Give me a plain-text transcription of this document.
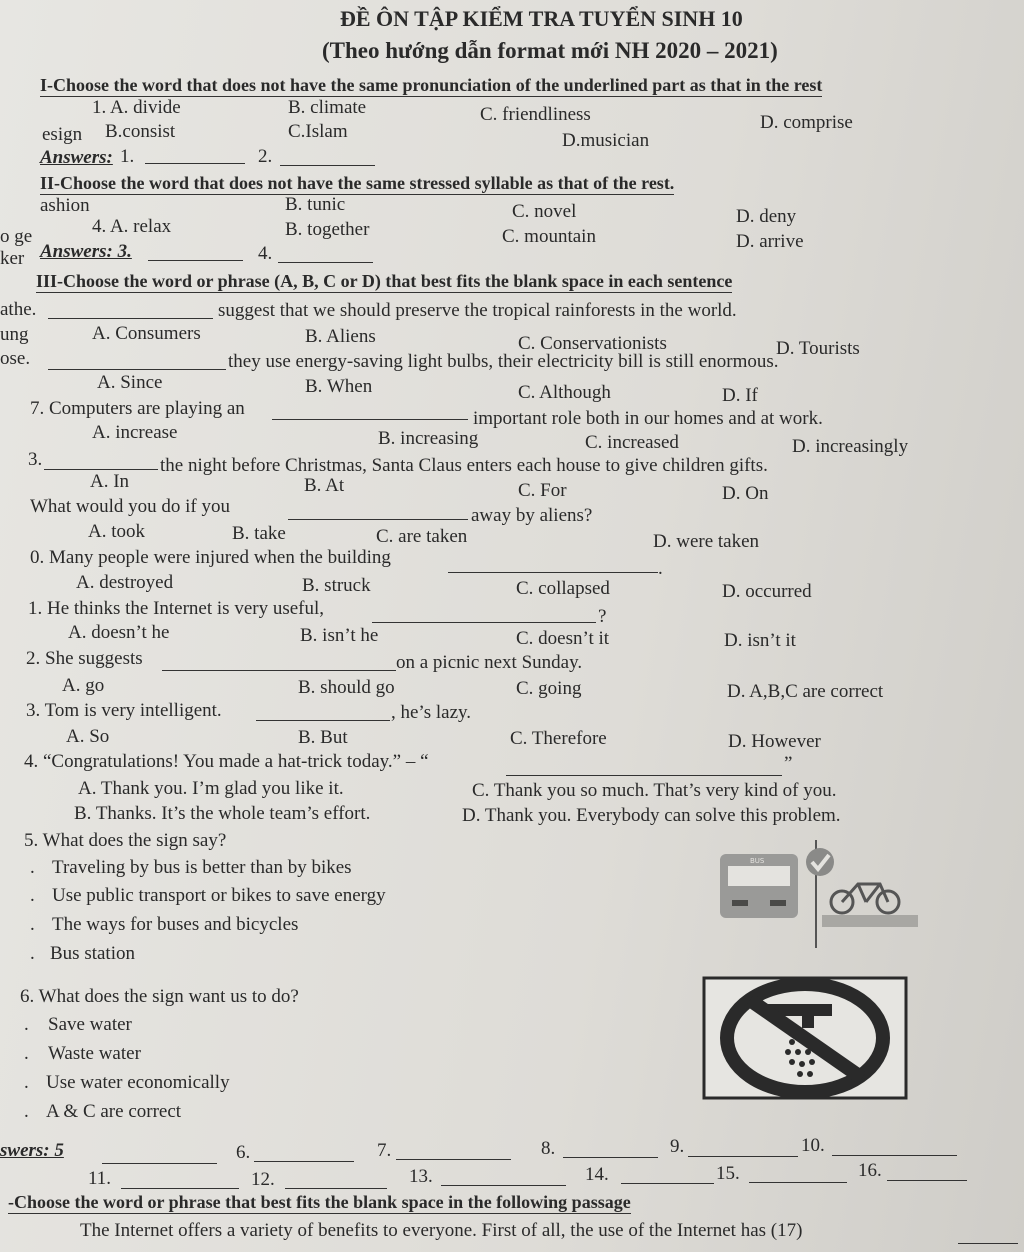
ĐỀ ÔN TẬP KIỂM TRA TUYỂN SINH 10
(Theo hướng dẫn format mới NH 2020 – 2021)
I-Choose the word that does not have the same pronunciation of the underlined part as that in the rest
1. A. divide	B. climate	C. friendliness	D. comprise
esign B.consist	C.Islam	D.musician
Answers: 1.	2.
II-Choose the word that does not have the same stressed syllable as that of the rest.
ashion	B. tunic	C. novel	D. deny
o ge	4. A. relax	B. together	C. mountain	D. arrive
ker Answers: 3.	4.
III-Choose the word or phrase (A, B, C or D) that best fits the blank space in each sentence
athe.	suggest that we should preserve the tropical rainforests in the world.
ung	A. Consumers	B. Aliens	C. Conservationists	D. Tourists
ose.	they use energy-saving light bulbs, their electricity bill is still enormous.
A. Since	B. When	C. Although	D. If
7. Computers are playing an	important role both in our homes and at work.
A. increase	B. increasing	C. increased	D. increasingly
3.	the night before Christmas, Santa Claus enters each house to give children gifts.
A. In	B. At	C. For	D. On
What would you do if you	away by aliens?
A. took	B. take	C. are taken	D. were taken
0. Many people were injured when the building
.
A. destroyed	B. struck	C. collapsed	D. occurred
1. He thinks the Internet is very useful,	?
A. doesn’t he	B. isn’t he	C. doesn’t it	D. isn’t it
2. She suggests	on a picnic next Sunday.
A. go	B. should go	C. going	D. A,B,C are correct
3. Tom is very intelligent.	, he’s lazy.
A. So	B. But	C. Therefore	D. However
4. “Congratulations! You made a hat-trick today.” – “	”
A. Thank you. I’m glad you like it.	C. Thank you so much. That’s very kind of you.
B. Thanks. It’s the whole team’s effort.	D. Thank you. Everybody can solve this problem.
5. What does the sign say?
. Traveling by bus is better than by bikes
. Use public transport or bikes to save energy
. The ways for buses and bicycles
. Bus station
BUS
6. What does the sign want us to do?
. Save water
. Waste water
. Use water economically
. A & C are correct
swers: 5	6.	7.	8.	9.	10.
11.	12.	13.	14.	15.	16.
-Choose the word or phrase that best fits the blank space in the following passage
The Internet offers a variety of benefits to everyone. First of all, the use of the Internet has (17)
